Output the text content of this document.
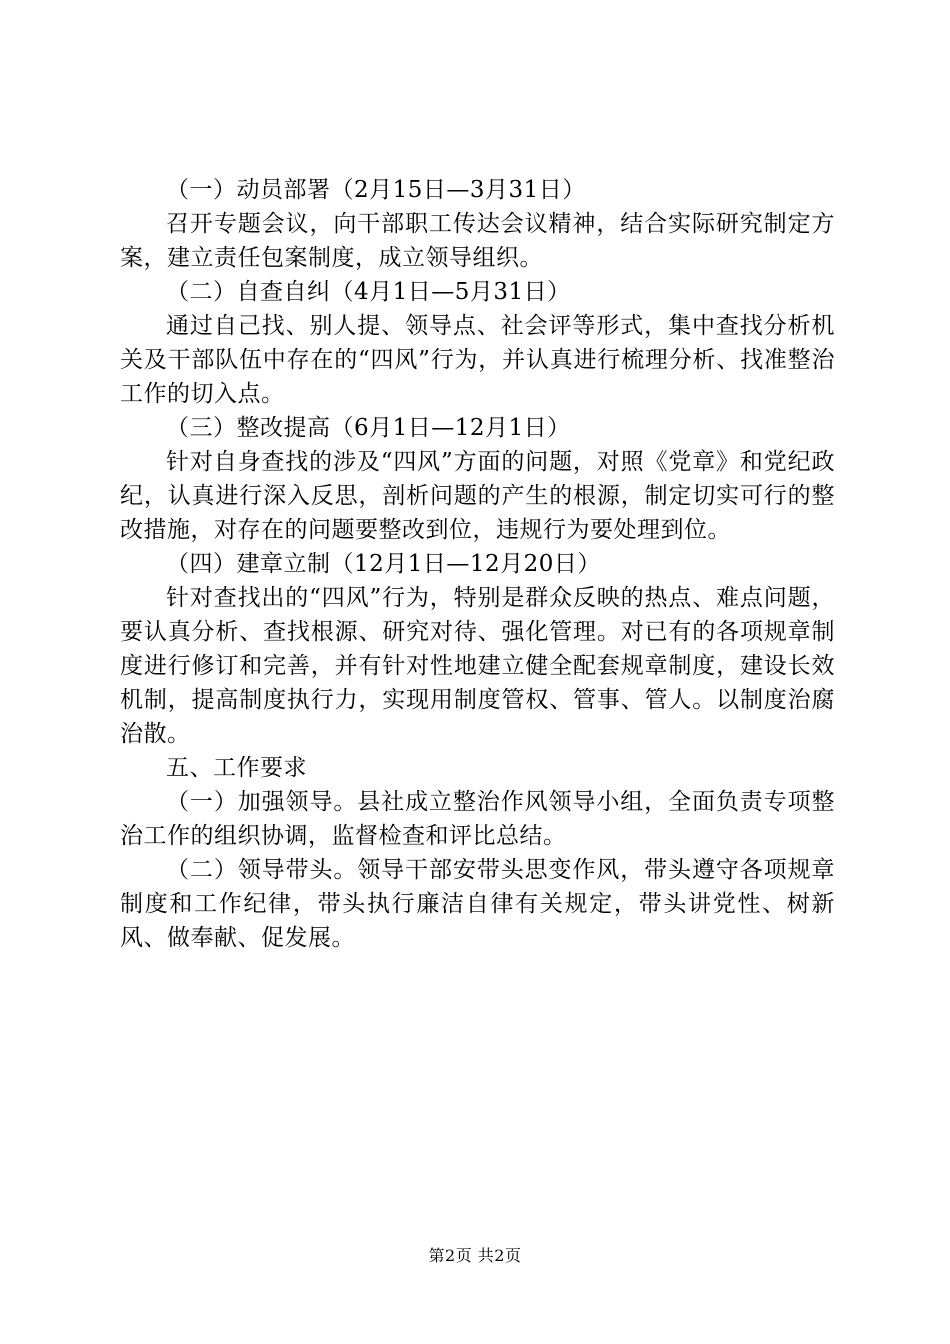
（一）动员部署（2月15日—3月31日）

召开专题会议，向干部职工传达会议精神，结合实际研究制定方案，建立责任包案制度，成立领导组织。

（二）自查自纠（4月1日—5月31日）

通过自己找、别人提、领导点、社会评等形式，集中查找分析机关及干部队伍中存在的“四风”行为，并认真进行梳理分析、找准整治工作的切入点。

（三）整改提高（6月1日—12月1日）

针对自身查找的涉及“四风”方面的问题，对照《党章》和党纪政纪，认真进行深入反思，剖析问题的产生的根源，制定切实可行的整改措施，对存在的问题要整改到位，违规行为要处理到位。

（四）建章立制（12月1日—12月20日）

针对查找出的“四风”行为，特别是群众反映的热点、难点问题，要认真分析、查找根源、研究对待、强化管理。对已有的各项规章制度进行修订和完善，并有针对性地建立健全配套规章制度，建设长效机制，提高制度执行力，实现用制度管权、管事、管人。以制度治腐治散。

五、工作要求

（一）加强领导。县社成立整治作风领导小组，全面负责专项整治工作的组织协调，监督检查和评比总结。

（二）领导带头。领导干部安带头思变作风，带头遵守各项规章制度和工作纪律，带头执行廉洁自律有关规定，带头讲党性、树新风、做奉献、促发展。

第2页 共2页
